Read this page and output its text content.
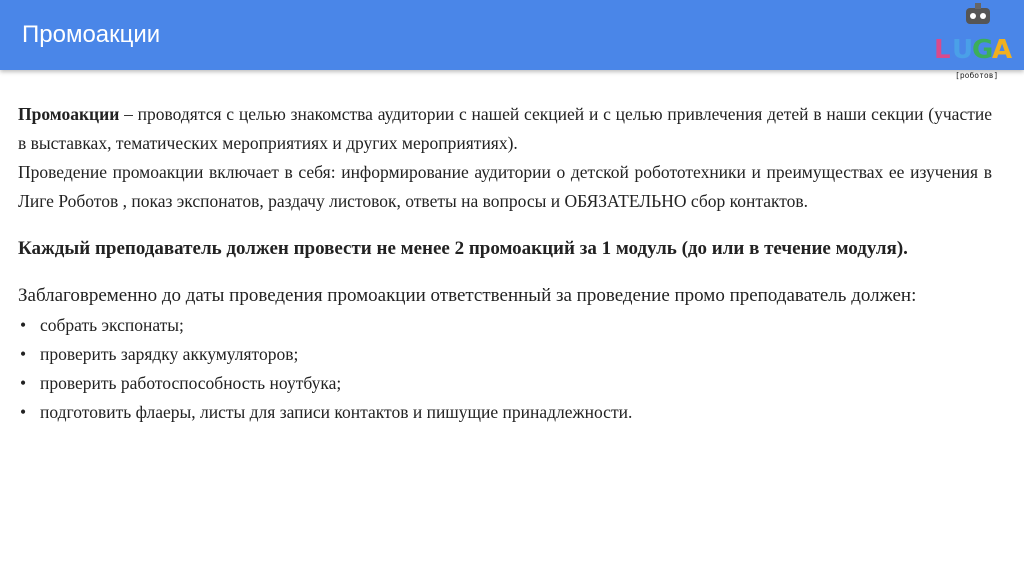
Промоакции
L U
G
A
[роботов]

Промоакции – проводятся с целью знакомства аудитории с нашей секцией и с целью привлечения детей в наши секции (участие в выставках, тематических мероприятиях и других мероприятиях).

Проведение промоакции включает в себя: информирование аудитории о детской робототехники и преимуществах ее изучения в Лиге Роботов , показ экспонатов, раздачу листовок, ответы на вопросы и ОБЯЗАТЕЛЬНО сбор контактов.

Каждый преподаватель должен провести не менее 2 промоакций за 1 модуль (до или в течение модуля).

Заблаговременно до даты проведения промоакции ответственный за проведение промо преподаватель должен:

• собрать экспонаты;
• проверить зарядку аккумуляторов;
• проверить работоспособность ноутбука;
• подготовить флаеры, листы для записи контактов и пишущие принадлежности.
